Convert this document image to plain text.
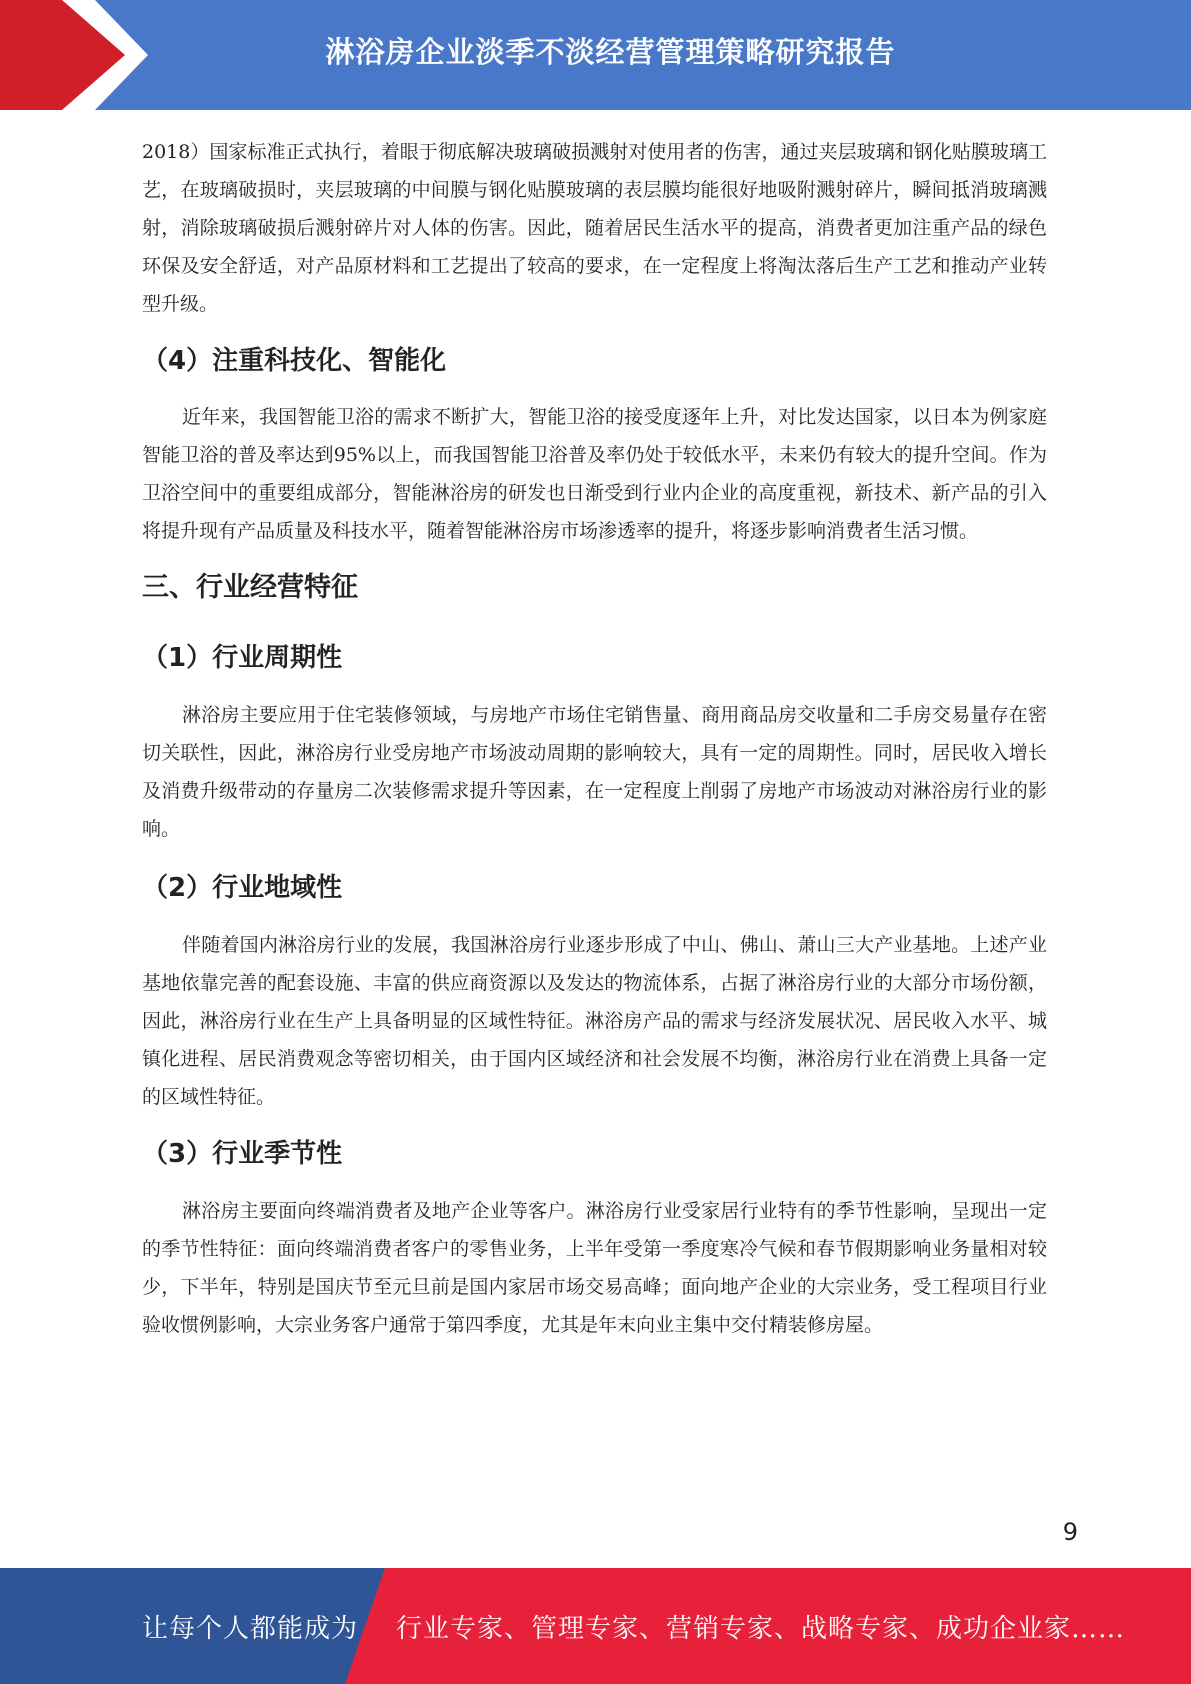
淋浴房企业淡季不淡经营管理策略研究报告

2018）国家标准正式执行，着眼于彻底解决玻璃破损溅射对使用者的伤害，通过夹层玻璃和钢化贴膜玻璃工艺，在玻璃破损时，夹层玻璃的中间膜与钢化贴膜玻璃的表层膜均能很好地吸附溅射碎片，瞬间抵消玻璃溅射，消除玻璃破损后溅射碎片对人体的伤害。因此，随着居民生活水平的提高，消费者更加注重产品的绿色环保及安全舒适，对产品原材料和工艺提出了较高的要求，在一定程度上将淘汰落后生产工艺和推动产业转型升级。

（4）注重科技化、智能化

近年来，我国智能卫浴的需求不断扩大，智能卫浴的接受度逐年上升，对比发达国家，以日本为例家庭智能卫浴的普及率达到95%以上，而我国智能卫浴普及率仍处于较低水平，未来仍有较大的提升空间。作为卫浴空间中的重要组成部分，智能淋浴房的研发也日渐受到行业内企业的高度重视，新技术、新产品的引入将提升现有产品质量及科技水平，随着智能淋浴房市场渗透率的提升，将逐步影响消费者生活习惯。

三、行业经营特征
（1）行业周期性

淋浴房主要应用于住宅装修领域，与房地产市场住宅销售量、商用商品房交收量和二手房交易量存在密切关联性，因此，淋浴房行业受房地产市场波动周期的影响较大，具有一定的周期性。同时，居民收入增长及消费升级带动的存量房二次装修需求提升等因素，在一定程度上削弱了房地产市场波动对淋浴房行业的影响。

（2）行业地域性

伴随着国内淋浴房行业的发展，我国淋浴房行业逐步形成了中山、佛山、萧山三大产业基地。上述产业基地依靠完善的配套设施、丰富的供应商资源以及发达的物流体系，占据了淋浴房行业的大部分市场份额，因此，淋浴房行业在生产上具备明显的区域性特征。淋浴房产品的需求与经济发展状况、居民收入水平、城镇化进程、居民消费观念等密切相关，由于国内区域经济和社会发展不均衡，淋浴房行业在消费上具备一定的区域性特征。

（3）行业季节性

淋浴房主要面向终端消费者及地产企业等客户。淋浴房行业受家居行业特有的季节性影响，呈现出一定的季节性特征：面向终端消费者客户的零售业务，上半年受第一季度寒冷气候和春节假期影响业务量相对较少，下半年，特别是国庆节至元旦前是国内家居市场交易高峰；面向地产企业的大宗业务，受工程项目行业验收惯例影响，大宗业务客户通常于第四季度，尤其是年末向业主集中交付精装修房屋。

9
让每个人都能成为 行业专家、管理专家、营销专家、战略专家、成功企业家……
